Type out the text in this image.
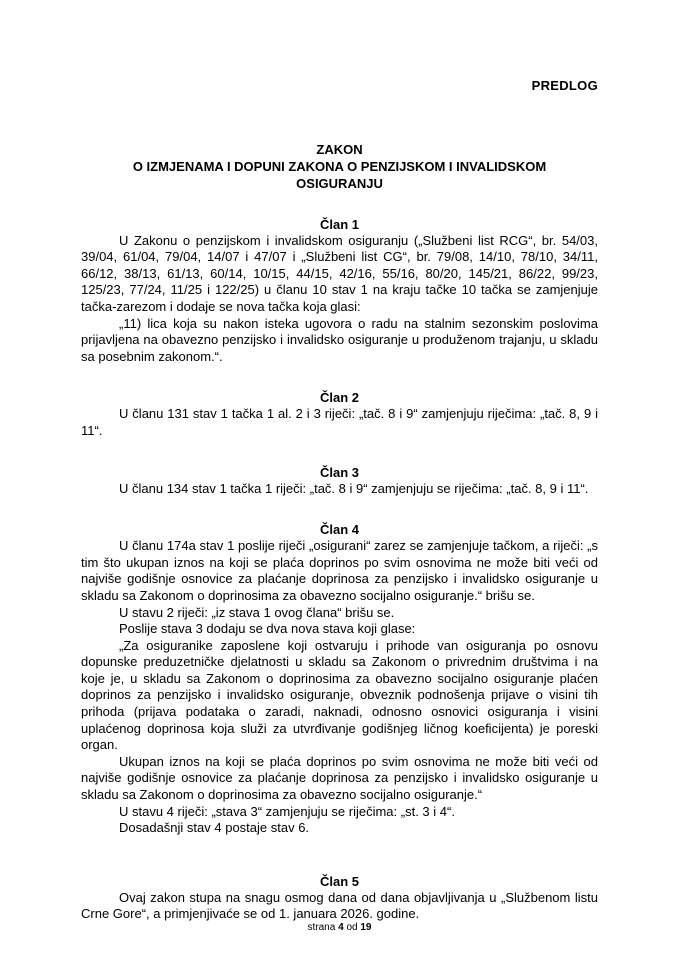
PREDLOG
ZAKON
O IZMJENAMA I DOPUNI ZAKONA O PENZIJSKOM I INVALIDSKOM
OSIGURANJU
Član 1

U Zakonu o penzijskom i invalidskom osiguranju („Službeni list RCG“, br. 54/03, 39/04, 61/04, 79/04, 14/07 i 47/07 i „Službeni list CG“, br. 79/08, 14/10, 78/10, 34/11, 66/12, 38/13, 61/13, 60/14, 10/15, 44/15, 42/16, 55/16, 80/20, 145/21, 86/22, 99/23, 125/23, 77/24, 11/25 i 122/25) u članu 10 stav 1 na kraju tačke 10 tačka se zamjenjuje tačka-zarezom i dodaje se nova tačka koja glasi:

„11) lica koja su nakon isteka ugovora o radu na stalnim sezonskim poslovima prijavljena na obavezno penzijsko i invalidsko osiguranje u produženom trajanju, u skladu sa posebnim zakonom.“.

Član 2

U članu 131 stav 1 tačka 1 al. 2 i 3 riječi: „tač. 8 i 9“ zamjenjuju riječima: „tač. 8, 9 i 11“.

Član 3

U članu 134 stav 1 tačka 1 riječi: „tač. 8 i 9“ zamjenjuju se riječima: „tač. 8, 9 i 11“.

Član 4

U članu 174a stav 1 poslije riječi „osigurani“ zarez se zamjenjuje tačkom, a riječi: „s tim što ukupan iznos na koji se plaća doprinos po svim osnovima ne može biti veći od najviše godišnje osnovice za plaćanje doprinosa za penzijsko i invalidsko osiguranje u skladu sa Zakonom o doprinosima za obavezno socijalno osiguranje.“ brišu se.

U stavu 2 riječi: „iz stava 1 ovog člana“ brišu se.

Poslije stava 3 dodaju se dva nova stava koji glase:

„Za osiguranike zaposlene koji ostvaruju i prihode van osiguranja po osnovu dopunske preduzetničke djelatnosti u skladu sa Zakonom o privrednim društvima i na koje je, u skladu sa Zakonom o doprinosima za obavezno socijalno osiguranje plaćen doprinos za penzijsko i invalidsko osiguranje, obveznik podnošenja prijave o visini tih prihoda (prijava podataka o zaradi, naknadi, odnosno osnovici osiguranja i visini uplaćenog doprinosa koja služi za utvrđivanje godišnjeg ličnog koeficijenta) je poreski organ.

Ukupan iznos na koji se plaća doprinos po svim osnovima ne može biti veći od najviše godišnje osnovice za plaćanje doprinosa za penzijsko i invalidsko osiguranje u skladu sa Zakonom o doprinosima za obavezno socijalno osiguranje.“

U stavu 4 riječi: „stava 3“ zamjenjuju se riječima: „st. 3 i 4“.

Dosadašnji stav 4 postaje stav 6.

Član 5

Ovaj zakon stupa na snagu osmog dana od dana objavljivanja u „Službenom listu Crne Gore“, a primjenjivaće se od 1. januara 2026. godine.

strana 4 od 19
